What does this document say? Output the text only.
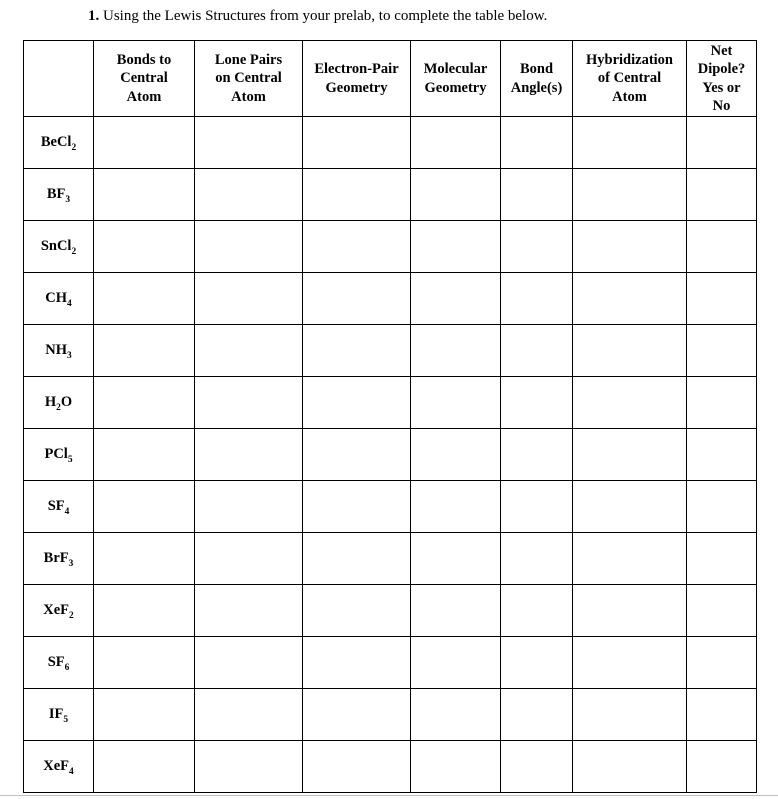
1. Using the Lewis Structures from your prelab, to complete the table below.
	Bonds to
Central
Atom	Lone Pairs
on Central
Atom	Electron-Pair
Geometry	Molecular
Geometry	Bond
Angle(s)	Hybridization
of Central
Atom	Net
Dipole?
Yes or
No
BeCl$_2$							
$BF_3$							
SnCl$_2$							
$CH_4$							
$NH_3$							
$H_2O$							
PCl$_5$							
$SF_4$							
BrF$_3$							
XeF$_2$							
$SF_6$							
$IF_5$							
XeF$_4$							
